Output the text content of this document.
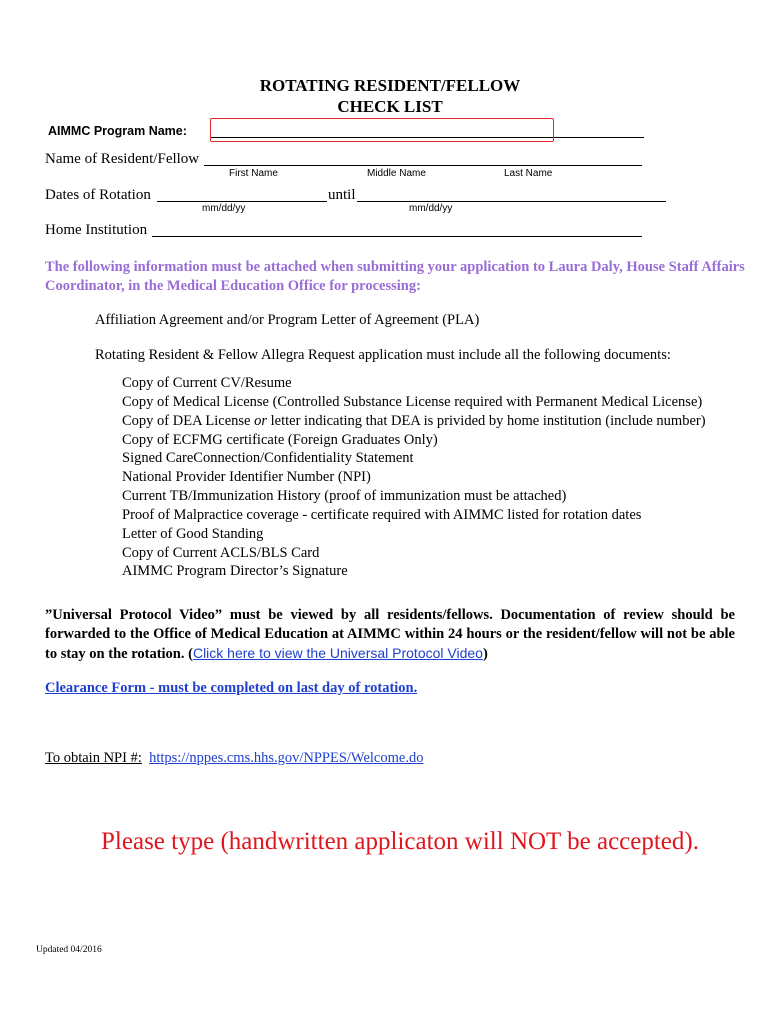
ROTATING RESIDENT/FELLOW
CHECK LIST
AIMMC Program Name:
Name of Resident/Fellow
First Name	Middle Name	Last Name
Dates of Rotation	until
mm/dd/yy	mm/dd/yy
Home Institution
The following information must be attached when submitting your application to Laura Daly, House Staff Affairs Coordinator, in the Medical Education Office for processing:
Affiliation Agreement and/or Program Letter of Agreement (PLA)
Rotating Resident & Fellow Allegra Request application must include all the following documents:
Copy of Current CV/Resume
Copy of Medical License (Controlled Substance License required with Permanent Medical License)
Copy of DEA License or letter indicating that DEA is privided by home institution (include number)
Copy of ECFMG certificate (Foreign Graduates Only)
Signed CareConnection/Confidentiality Statement
National Provider Identifier Number (NPI)
Current TB/Immunization History (proof of immunization must be attached)
Proof of Malpractice coverage - certificate required with AIMMC listed for rotation dates
Letter of Good Standing
Copy of Current ACLS/BLS Card
AIMMC Program Director’s Signature
”Universal Protocol Video” must be viewed by all residents/fellows. Documentation of review should be forwarded to the Office of Medical Education at AIMMC within 24 hours or the resident/fellow will not be able to stay on the rotation. (Click here to view the Universal Protocol Video)
Clearance Form - must be completed on last day of rotation.
To obtain NPI #: https://nppes.cms.hhs.gov/NPPES/Welcome.do
Please type (handwritten applicaton will NOT be accepted).
Updated 04/2016
